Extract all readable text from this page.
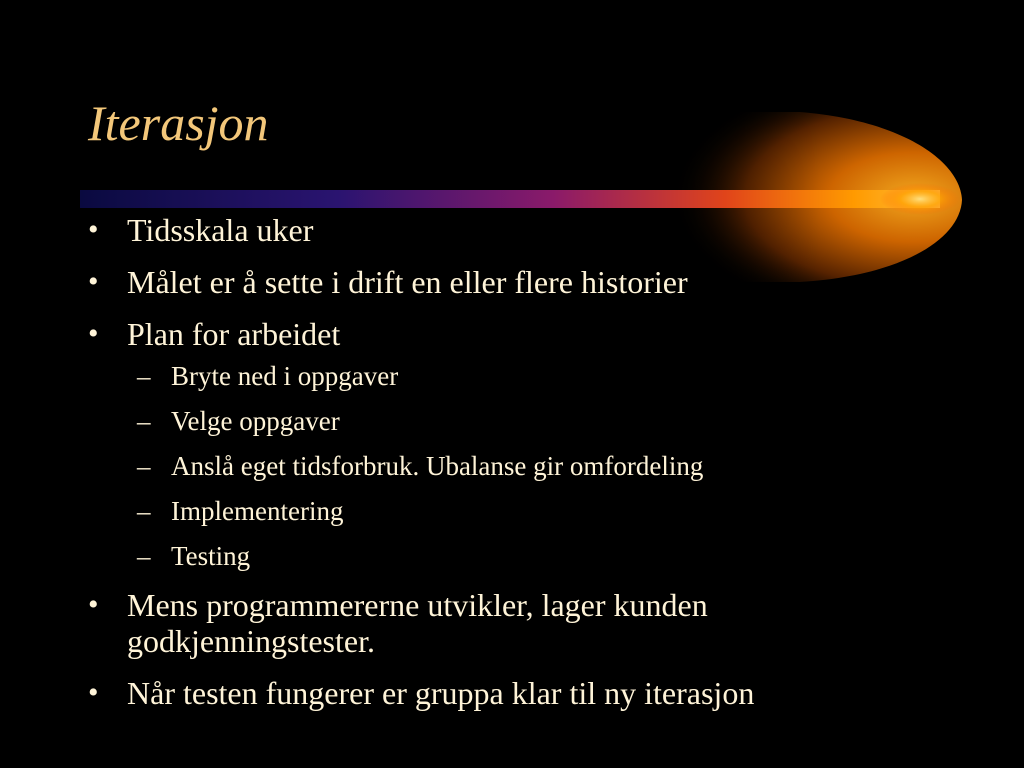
Iterasjon
• Tidsskala uker
• Målet er å sette i drift en eller flere historier
• Plan for arbeidet
– Bryte ned i oppgaver
– Velge oppgaver
– Anslå eget tidsforbruk. Ubalanse gir omfordeling
– Implementering
– Testing
• Mens programmererne utvikler, lager kunden godkjenningstester.
• Når testen fungerer er gruppa klar til ny iterasjon
